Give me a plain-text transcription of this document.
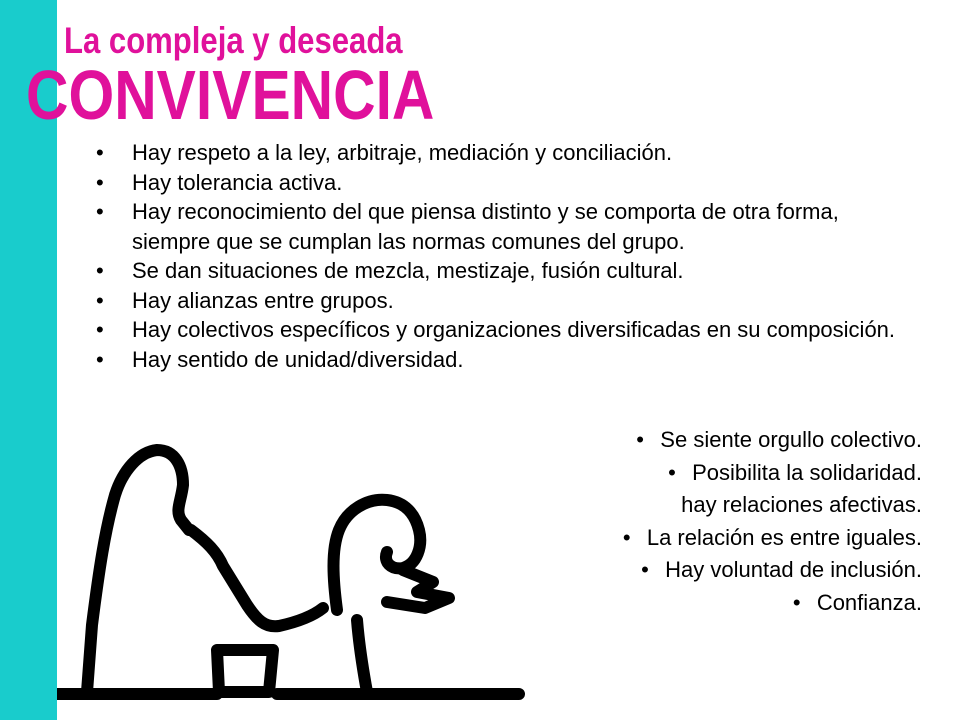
La compleja y deseada
CONVIVENCIA
• Hay respeto a la ley, arbitraje, mediación y conciliación.
• Hay tolerancia activa.
• Hay reconocimiento del que piensa distinto y se comporta de otra forma, siempre que se cumplan las normas comunes del grupo.
• Se dan situaciones de mezcla, mestizaje, fusión cultural.
• Hay alianzas entre grupos.
• Hay colectivos específicos y organizaciones diversificadas en su composición.
• Hay sentido de unidad/diversidad.
• Se siente orgullo colectivo.
• Posibilita la solidaridad.
hay relaciones afectivas.
• La relación es entre iguales.
• Hay voluntad de inclusión.
• Confianza.
